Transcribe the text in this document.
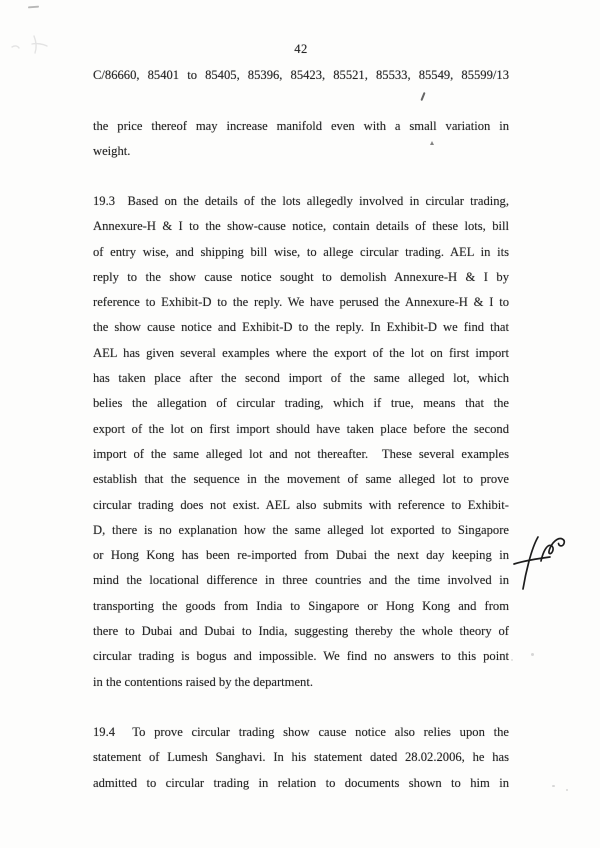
42
C/86660, 85401 to 85405, 85396, 85423, 85521, 85533, 85549, 85599/13
the price thereof may increase manifold even with a small variation in
weight.
19.3  Based on the details of the lots allegedly involved in circular trading,
Annexure-H & I to the show-cause notice, contain details of these lots, bill
of entry wise, and shipping bill wise, to allege circular trading. AEL in its
reply to the show cause notice sought to demolish Annexure-H & I by
reference to Exhibit-D to the reply. We have perused the Annexure-H & I to
the show cause notice and Exhibit-D to the reply. In Exhibit-D we find that
AEL has given several examples where the export of the lot on first import
has taken place after the second import of the same alleged lot, which
belies the allegation of circular trading, which if true, means that the
export of the lot on first import should have taken place before the second
import of the same alleged lot and not thereafter.  These several examples
establish that the sequence in the movement of same alleged lot to prove
circular trading does not exist. AEL also submits with reference to Exhibit-
D, there is no explanation how the same alleged lot exported to Singapore
or Hong Kong has been re-imported from Dubai the next day keeping in
mind the locational difference in three countries and the time involved in
transporting the goods from India to Singapore or Hong Kong and from
there to Dubai and Dubai to India, suggesting thereby the whole theory of
circular trading is bogus and impossible. We find no answers to this point
in the contentions raised by the department.
19.4  To prove circular trading show cause notice also relies upon the
statement of Lumesh Sanghavi. In his statement dated 28.02.2006, he has
admitted to circular trading in relation to documents shown to him in
